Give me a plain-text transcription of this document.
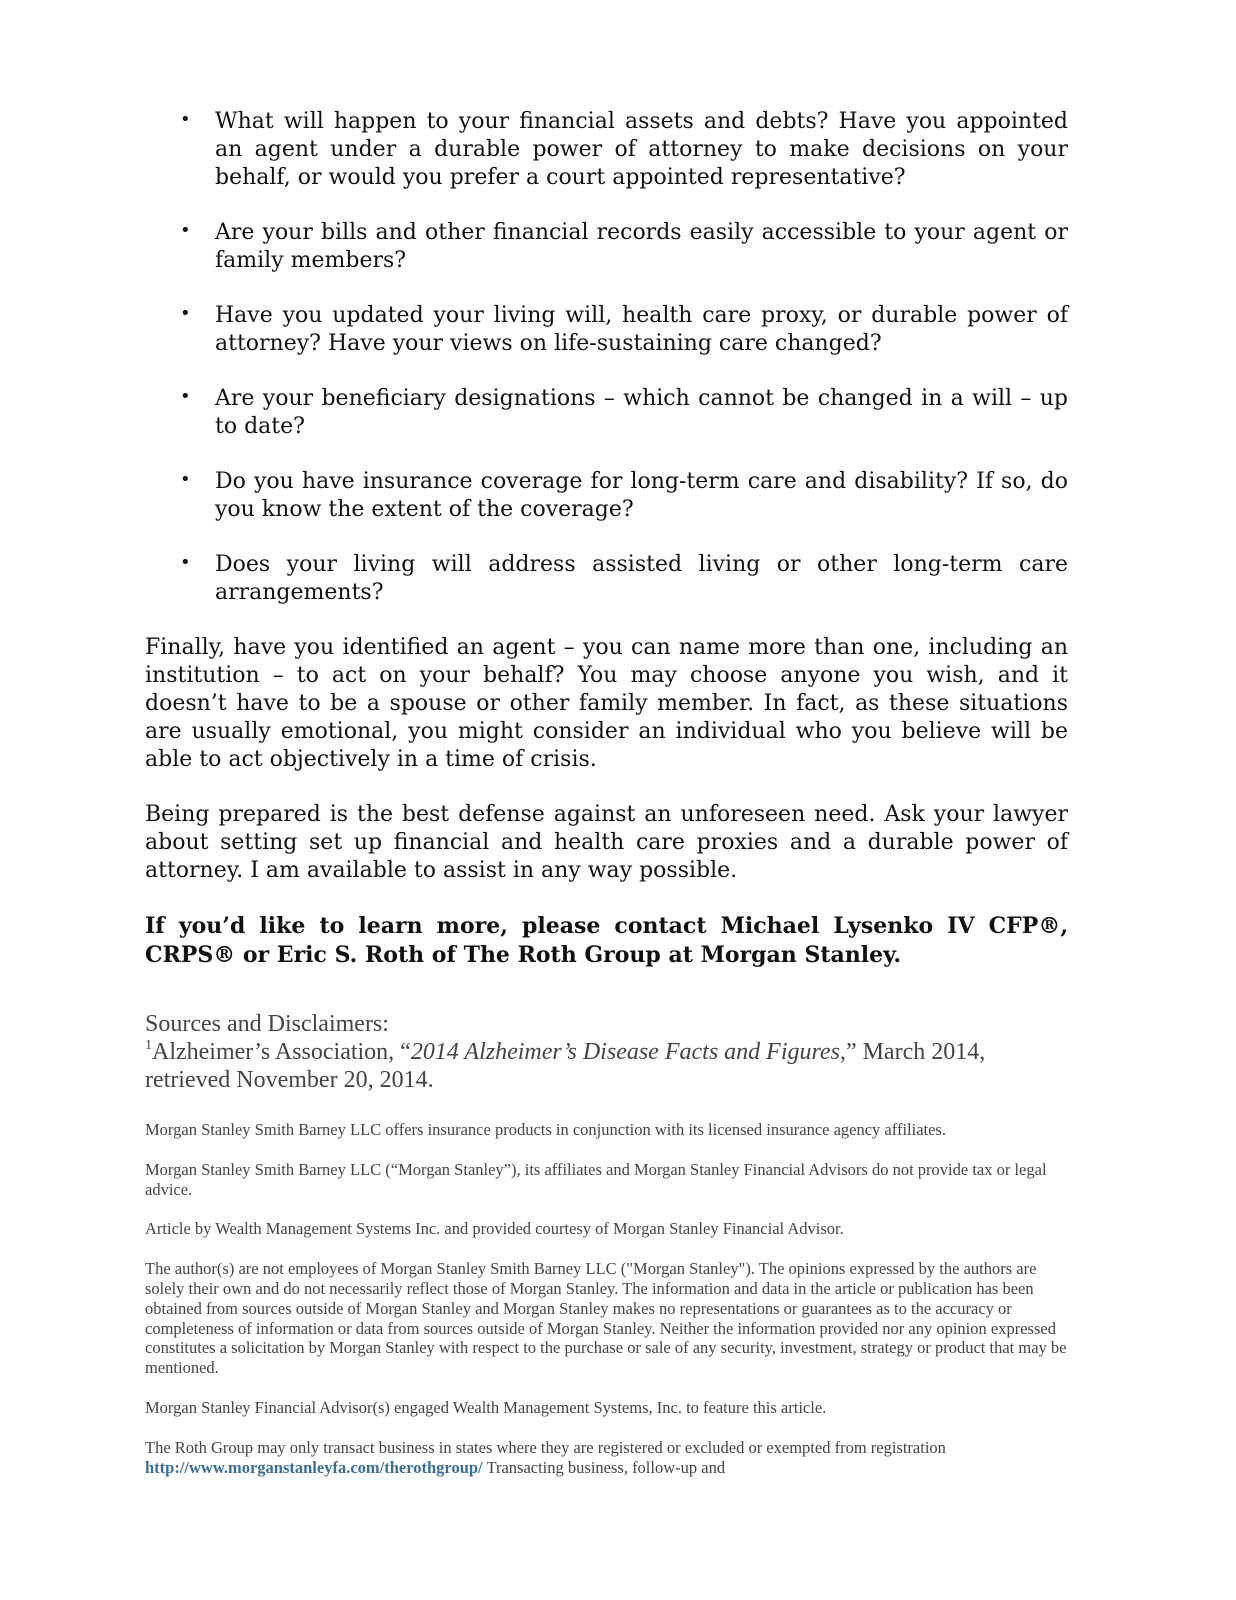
• What will happen to your financial assets and debts? Have you appointed an agent under a durable power of attorney to make decisions on your behalf, or would you prefer a court appointed representative?
• Are your bills and other financial records easily accessible to your agent or family members?
• Have you updated your living will, health care proxy, or durable power of attorney? Have your views on life-sustaining care changed?
• Are your beneficiary designations – which cannot be changed in a will – up to date?
• Do you have insurance coverage for long-term care and disability? If so, do you know the extent of the coverage?
• Does your living will address assisted living or other long-term care arrangements?

Finally, have you identified an agent – you can name more than one, including an institution – to act on your behalf? You may choose anyone you wish, and it doesn’t have to be a spouse or other family member. In fact, as these situations are usually emotional, you might consider an individual who you believe will be able to act objectively in a time of crisis.

Being prepared is the best defense against an unforeseen need. Ask your lawyer about setting set up financial and health care proxies and a durable power of attorney. I am available to assist in any way possible.

If you’d like to learn more, please contact Michael Lysenko IV CFP®, CRPS® or Eric S. Roth of The Roth Group at Morgan Stanley.

Sources and Disclaimers:
$^1$Alzheimer’s Association, “2014 Alzheimer’s Disease Facts and Figures,” March 2014, retrieved November 20, 2014.

Morgan Stanley Smith Barney LLC offers insurance products in conjunction with its licensed insurance agency affiliates.

Morgan Stanley Smith Barney LLC (“Morgan Stanley”), its affiliates and Morgan Stanley Financial Advisors do not provide tax or legal advice.

Article by Wealth Management Systems Inc. and provided courtesy of Morgan Stanley Financial Advisor.

The author(s) are not employees of Morgan Stanley Smith Barney LLC ("Morgan Stanley"). The opinions expressed by the authors are solely their own and do not necessarily reflect those of Morgan Stanley. The information and data in the article or publication has been obtained from sources outside of Morgan Stanley and Morgan Stanley makes no representations or guarantees as to the accuracy or completeness of information or data from sources outside of Morgan Stanley. Neither the information provided nor any opinion expressed constitutes a solicitation by Morgan Stanley with respect to the purchase or sale of any security, investment, strategy or product that may be mentioned.

Morgan Stanley Financial Advisor(s) engaged Wealth Management Systems, Inc. to feature this article.

The Roth Group may only transact business in states where they are registered or excluded or exempted from registration http://www.morganstanleyfa.com/therothgroup/ Transacting business, follow-up and
